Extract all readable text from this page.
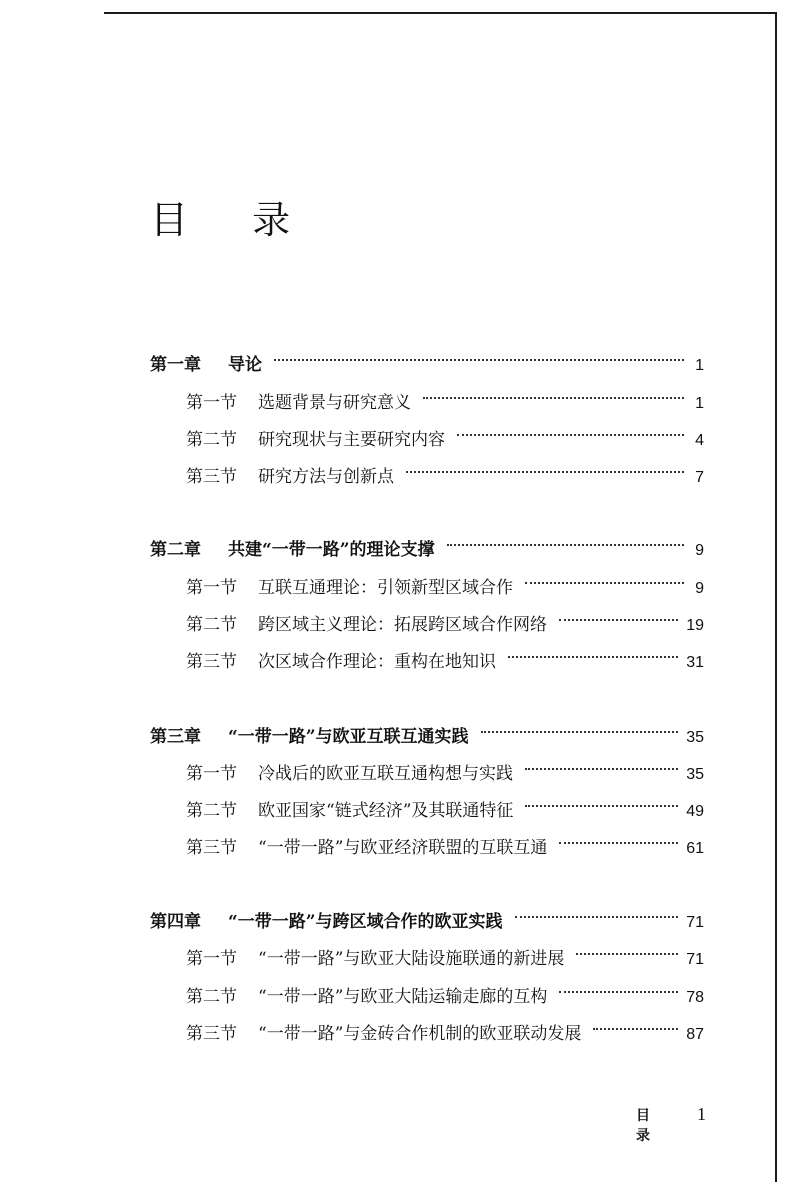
目 录
第一章	导论	1
第一节	选题背景与研究意义	1
第二节	研究现状与主要研究内容	4
第三节	研究方法与创新点	7
第二章	共建“一带一路”的理论支撑	9
第一节	互联互通理论：引领新型区域合作	9
第二节	跨区域主义理论：拓展跨区域合作网络	19
第三节	次区域合作理论：重构在地知识	31
第三章	“一带一路”与欧亚互联互通实践	35
第一节	冷战后的欧亚互联互通构想与实践	35
第二节	欧亚国家“链式经济”及其联通特征	49
第三节	“一带一路”与欧亚经济联盟的互联互通	61
第四章	“一带一路”与跨区域合作的欧亚实践	71
第一节	“一带一路”与欧亚大陆设施联通的新进展	71
第二节	“一带一路”与欧亚大陆运输走廊的互构	78
第三节	“一带一路”与金砖合作机制的欧亚联动发展	87
目 录
1
